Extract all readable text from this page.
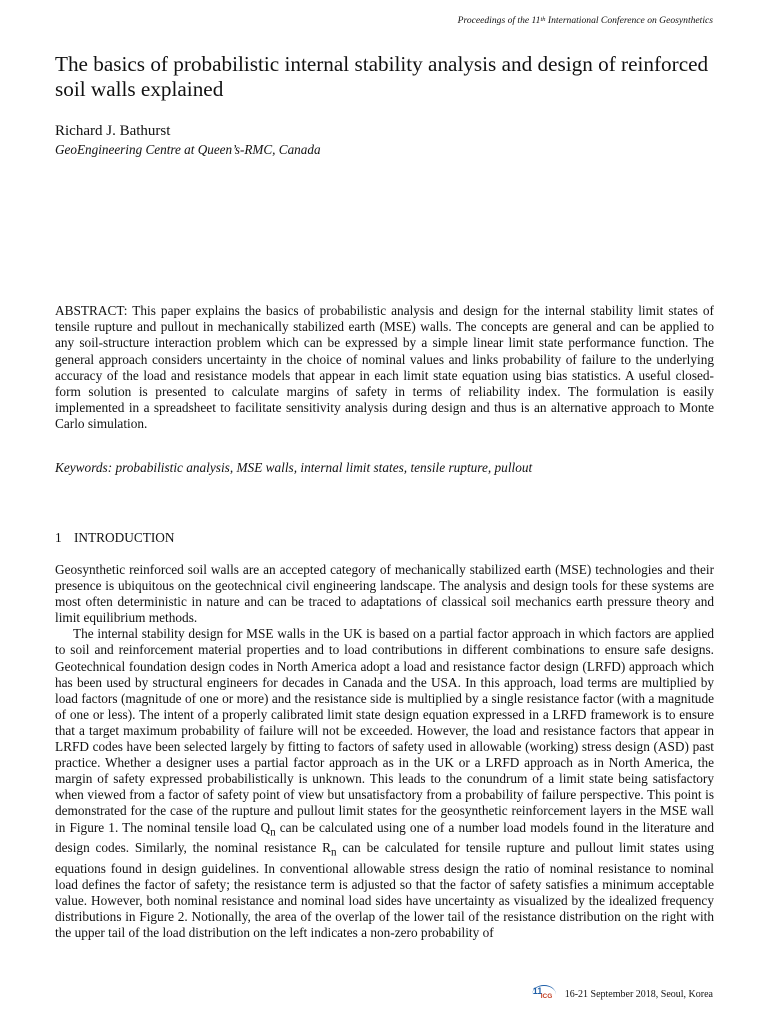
Proceedings of the 11th International Conference on Geosynthetics
The basics of probabilistic internal stability analysis and design of reinforced soil walls explained
Richard J. Bathurst
GeoEngineering Centre at Queen’s-RMC, Canada

ABSTRACT: This paper explains the basics of probabilistic analysis and design for the internal stability limit states of tensile rupture and pullout in mechanically stabilized earth (MSE) walls. The concepts are general and can be applied to any soil-structure interaction problem which can be expressed by a simple linear limit state performance function. The general approach considers uncertainty in the choice of nominal values and links probability of failure to the underlying accuracy of the load and resistance models that appear in each limit state equation using bias statistics. A useful closed-form solution is presented to calculate margins of safety in terms of reliability index. The formulation is easily implemented in a spreadsheet to facilitate sensitivity analysis during design and thus is an alternative approach to Monte Carlo simulation.

Keywords: probabilistic analysis, MSE walls, internal limit states, tensile rupture, pullout

1 INTRODUCTION

Geosynthetic reinforced soil walls are an accepted category of mechanically stabilized earth (MSE) technologies and their presence is ubiquitous on the geotechnical civil engineering landscape. The analysis and design tools for these systems are most often deterministic in nature and can be traced to adaptations of classical soil mechanics earth pressure theory and limit equilibrium methods.

The internal stability design for MSE walls in the UK is based on a partial factor approach in which factors are applied to soil and reinforcement material properties and to load contributions in different combinations to ensure safe designs. Geotechnical foundation design codes in North America adopt a load and resistance factor design (LRFD) approach which has been used by structural engineers for decades in Canada and the USA. In this approach, load terms are multiplied by load factors (magnitude of one or more) and the resistance side is multiplied by a single resistance factor (with a magnitude of one or less). The intent of a properly calibrated limit state design equation expressed in a LRFD framework is to ensure that a target maximum probability of failure will not be exceeded. However, the load and resistance factors that appear in LRFD codes have been selected largely by fitting to factors of safety used in allowable (working) stress design (ASD) past practice. Whether a designer uses a partial factor approach as in the UK or a LRFD approach as in North America, the margin of safety expressed probabilistically is unknown. This leads to the conundrum of a limit state being satisfactory when viewed from a factor of safety point of view but unsatisfactory from a probability of failure perspective. This point is demonstrated for the case of the rupture and pullout limit states for the geosynthetic reinforcement layers in the MSE wall in Figure 1. The nominal tensile load $Q_n$ can be calculated using one of a number load models found in the literature and design codes. Similarly, the nominal resistance $R_n$ can be calculated for tensile rupture and pullout limit states using equations found in design guidelines. In conventional allowable stress design the ratio of nominal resistance to nominal load defines the factor of safety; the resistance term is adjusted so that the factor of safety satisfies a minimum acceptable value. However, both nominal resistance and nominal load sides have uncertainty as visualized by the idealized frequency distributions in Figure 2. Notionally, the area of the overlap of the lower tail of the resistance distribution on the right with the upper tail of the load distribution on the left indicates a non-zero probability of

11
ICG 16-21 September 2018, Seoul, Korea
